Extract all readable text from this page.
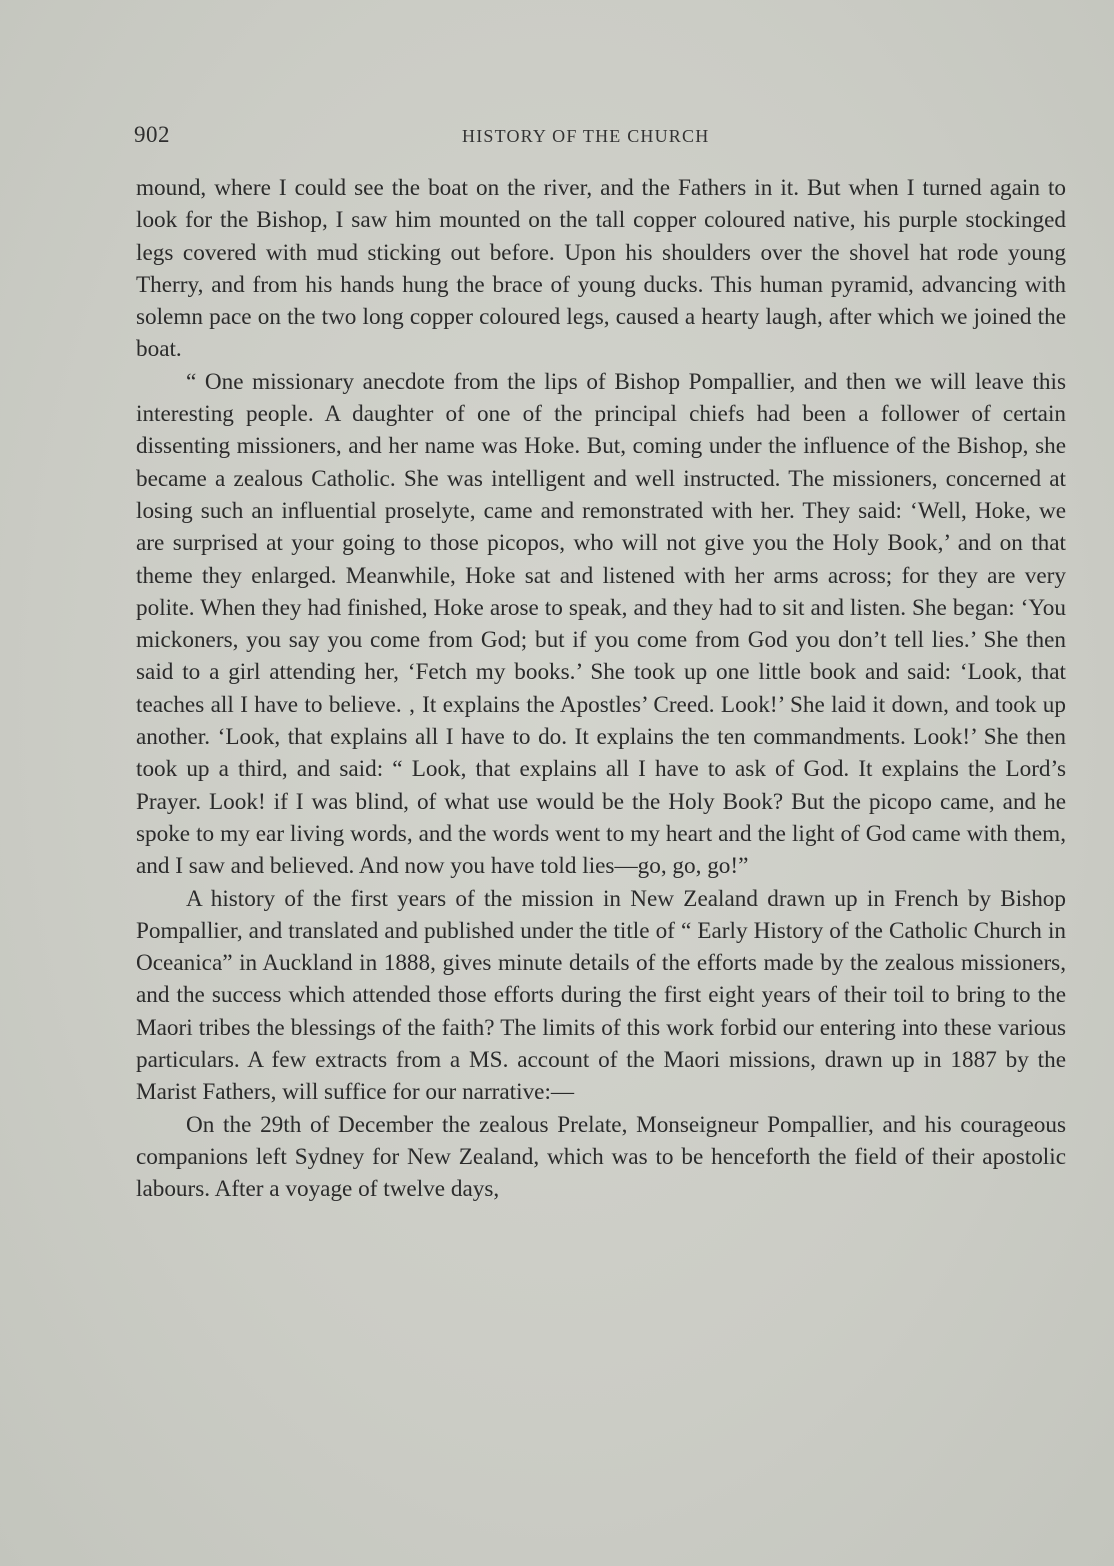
902	HISTORY OF THE CHURCH

mound, where I could see the boat on the river, and the Fathers in it. But when I turned again to look for the Bishop, I saw him mounted on the tall copper coloured native, his purple stockinged legs covered with mud sticking out before. Upon his shoulders over the shovel hat rode young Therry, and from his hands hung the brace of young ducks. This human pyramid, advancing with solemn pace on the two long copper coloured legs, caused a hearty laugh, after which we joined the boat.

“ One missionary anecdote from the lips of Bishop Pompallier, and then we will leave this interesting people. A daughter of one of the principal chiefs had been a follower of certain dissenting missioners, and her name was Hoke. But, coming under the influence of the Bishop, she became a zealous Catholic. She was intelligent and well instructed. The missioners, concerned at losing such an influential proselyte, came and remonstrated with her. They said: ‘Well, Hoke, we are surprised at your going to those picopos, who will not give you the Holy Book,’ and on that theme they enlarged. Meanwhile, Hoke sat and listened with her arms across; for they are very polite. When they had finished, Hoke arose to speak, and they had to sit and listen. She began: ‘You mickoners, you say you come from God; but if you come from God you don’t tell lies.’ She then said to a girl attending her, ‘Fetch my books.’ She took up one little book and said: ‘Look, that teaches all I have to believe. ‚ It explains the Apostles’ Creed. Look!’ She laid it down, and took up another. ‘Look, that explains all I have to do. It explains the ten commandments. Look!’ She then took up a third, and said: “ Look, that explains all I have to ask of God. It explains the Lord’s Prayer. Look! if I was blind, of what use would be the Holy Book? But the picopo came, and he spoke to my ear living words, and the words went to my heart and the light of God came with them, and I saw and believed. And now you have told lies—go, go, go!”

A history of the first years of the mission in New Zealand drawn up in French by Bishop Pompallier, and translated and published under the title of “ Early History of the Catholic Church in Oceanica” in Auckland in 1888, gives minute details of the efforts made by the zealous missioners, and the success which attended those efforts during the first eight years of their toil to bring to the Maori tribes the blessings of the faith? The limits of this work forbid our entering into these various particulars. A few extracts from a MS. account of the Maori missions, drawn up in 1887 by the Marist Fathers, will suffice for our narrative:—

On the 29th of December the zealous Prelate, Monseigneur Pompallier, and his courageous companions left Sydney for New Zealand, which was to be henceforth the field of their apostolic labours. After a voyage of twelve days,
